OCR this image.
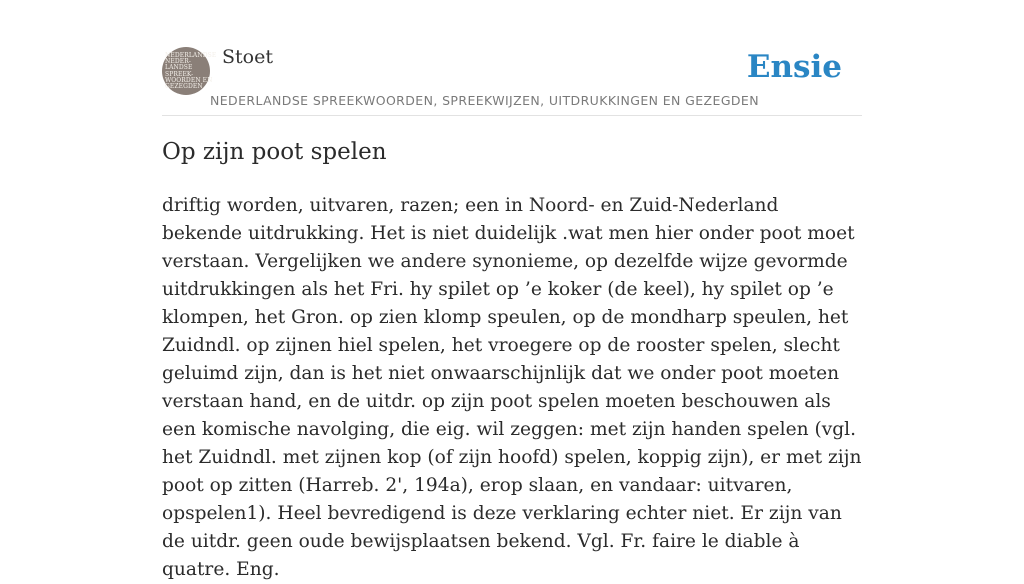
NEDERLANDSE
NEDER-
LANDSE
SPREEK-
WOORDEN EN
GEZEGDEN
Stoet
NEDERLANDSE SPREEKWOORDEN, SPREEKWIJZEN, UITDRUKKINGEN EN GEZEGDEN
Ensie
Op zijn poot spelen

driftig worden, uitvaren, razen; een in Noord- en Zuid-Nederland bekende uitdrukking. Het is niet duidelijk .wat men hier onder poot moet verstaan. Vergelijken we andere synonieme, op dezelfde wijze gevormde uitdrukkingen als het Fri. hy spilet op ’e koker (de keel), hy spilet op ’e klompen, het Gron. op zien klomp speulen, op de mondharp speulen, het Zuidndl. op zijnen hiel spelen, het vroegere op de rooster spelen, slecht geluimd zijn, dan is het niet onwaarschijnlijk dat we onder poot moeten verstaan hand, en de uitdr. op zijn poot spelen moeten beschouwen als een komische navolging, die eig. wil zeggen: met zijn handen spelen (vgl. het Zuidndl. met zijnen kop (of zijn hoofd) spelen, koppig zijn), er met zijn poot op zitten (Harreb. 2', 194a), erop slaan, en vandaar: uitvaren, opspelen1). Heel bevredigend is deze verklaring echter niet. Er zijn van de uitdr. geen oude bewijsplaatsen bekend. Vgl. Fr. faire le diable à quatre. Eng.
